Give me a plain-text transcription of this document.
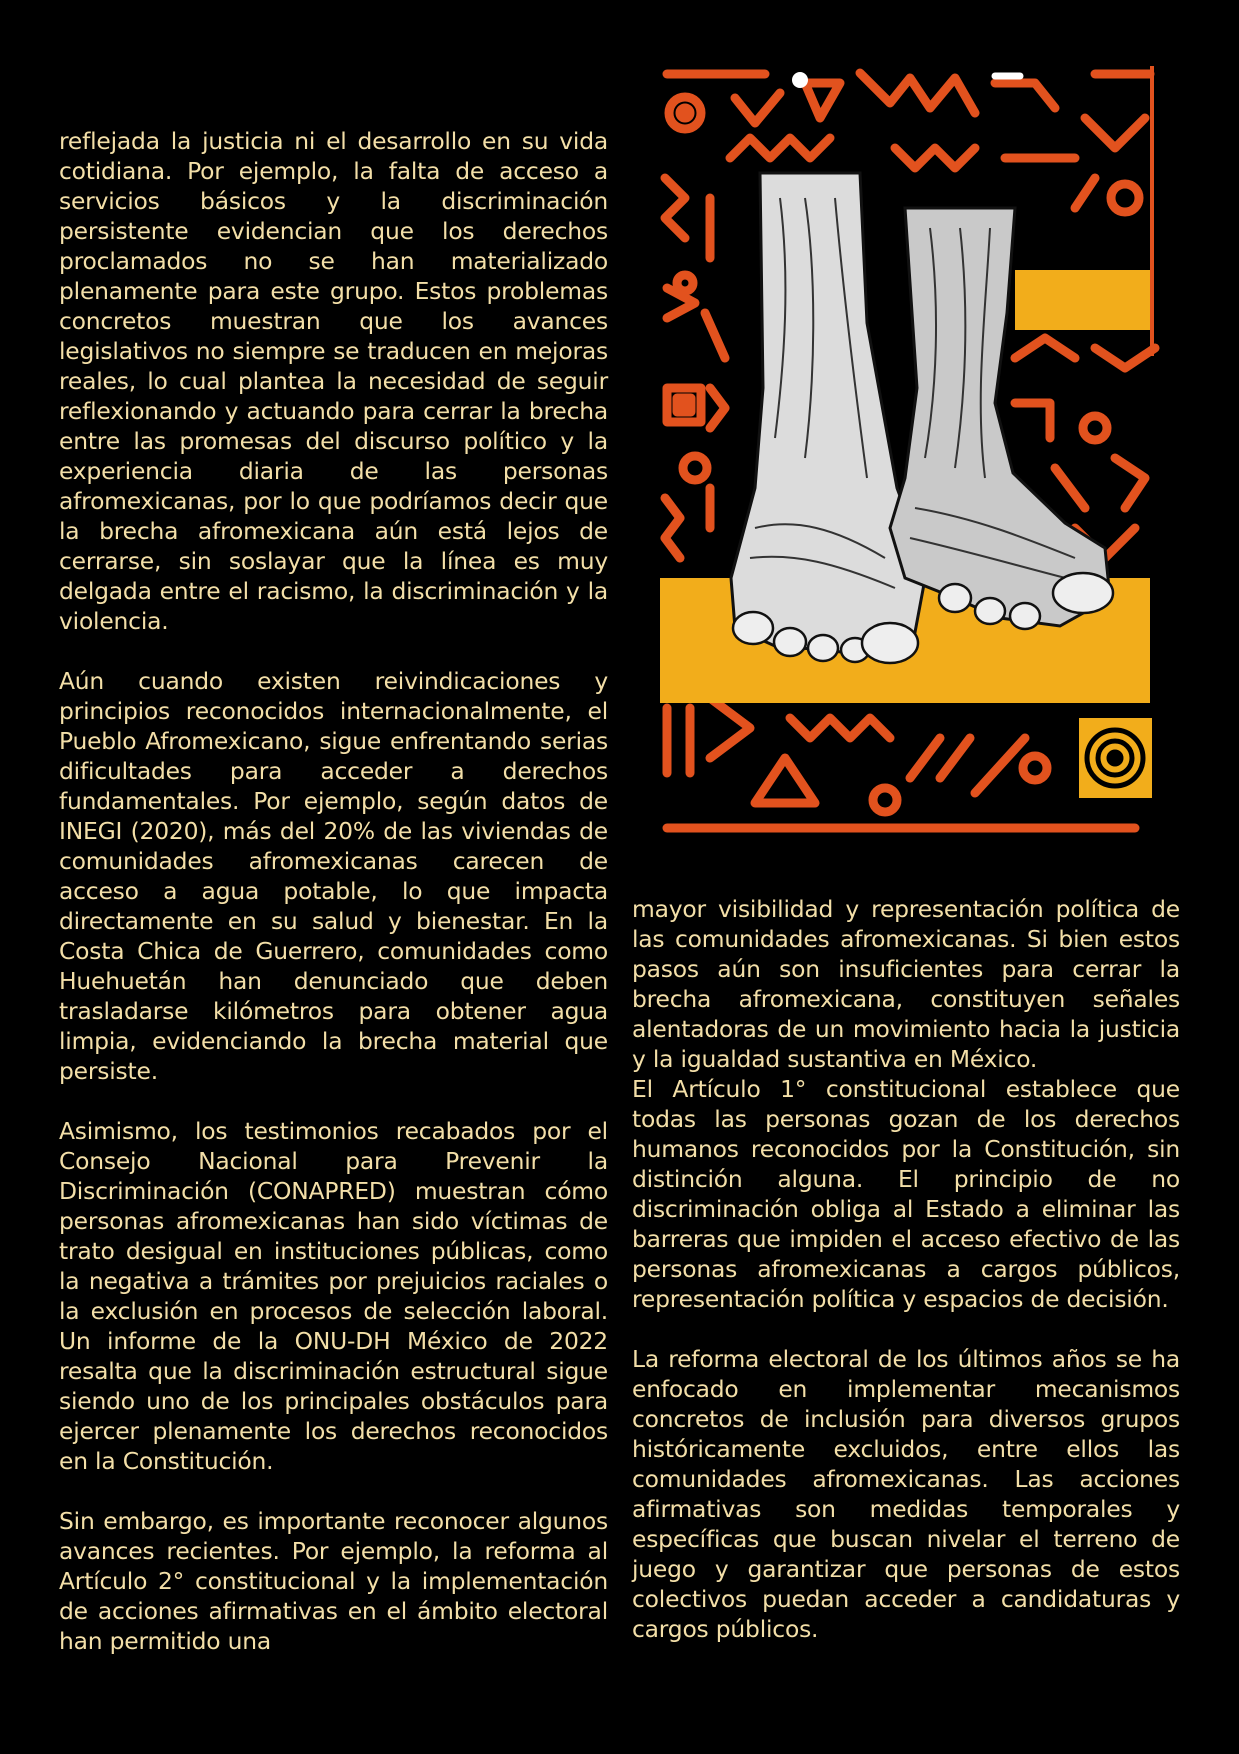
reflejada la justicia ni el desarrollo en su vida cotidiana. Por ejemplo, la falta de acceso a servicios básicos y la discriminación persistente evidencian que los derechos proclamados no se han materializado plenamente para este grupo. Estos problemas concretos muestran que los avances legislativos no siempre se traducen en mejoras reales, lo cual plantea la necesidad de seguir reflexionando y actuando para cerrar la brecha entre las promesas del discurso político y la experiencia diaria de las personas afromexicanas, por lo que podríamos decir que la brecha afromexicana aún está lejos de cerrarse, sin soslayar que la línea es muy delgada entre el racismo, la discriminación y la violencia.

Aún cuando existen reivindicaciones y principios reconocidos internacionalmente, el Pueblo Afromexicano, sigue enfrentando serias dificultades para acceder a derechos fundamentales. Por ejemplo, según datos de INEGI (2020), más del 20% de las viviendas de comunidades afromexicanas carecen de acceso a agua potable, lo que impacta directamente en su salud y bienestar. En la Costa Chica de Guerrero, comunidades como Huehuetán han denunciado que deben trasladarse kilómetros para obtener agua limpia, evidenciando la brecha material que persiste.

Asimismo, los testimonios recabados por el Consejo Nacional para Prevenir la Discriminación (CONAPRED) muestran cómo personas afromexicanas han sido víctimas de trato desigual en instituciones públicas, como la negativa a trámites por prejuicios raciales o la exclusión en procesos de selección laboral. Un informe de la ONU-DH México de 2022 resalta que la discriminación estructural sigue siendo uno de los principales obstáculos para ejercer plenamente los derechos reconocidos en la Constitución.

Sin embargo, es importante reconocer algunos avances recientes. Por ejemplo, la reforma al Artículo 2° constitucional y la implementación de acciones afirmativas en el ámbito electoral han permitido una

mayor visibilidad y representación política de las comunidades afromexicanas. Si bien estos pasos aún son insuficientes para cerrar la brecha afromexicana, constituyen señales alentadoras de un movimiento hacia la justicia y la igualdad sustantiva en México.

El Artículo 1° constitucional establece que todas las personas gozan de los derechos humanos reconocidos por la Constitución, sin distinción alguna. El principio de no discriminación obliga al Estado a eliminar las barreras que impiden el acceso efectivo de las personas afromexicanas a cargos públicos, representación política y espacios de decisión.

La reforma electoral de los últimos años se ha enfocado en implementar mecanismos concretos de inclusión para diversos grupos históricamente excluidos, entre ellos las comunidades afromexicanas. Las acciones afirmativas son medidas temporales y específicas que buscan nivelar el terreno de juego y garantizar que personas de estos colectivos puedan acceder a candidaturas y cargos públicos.
